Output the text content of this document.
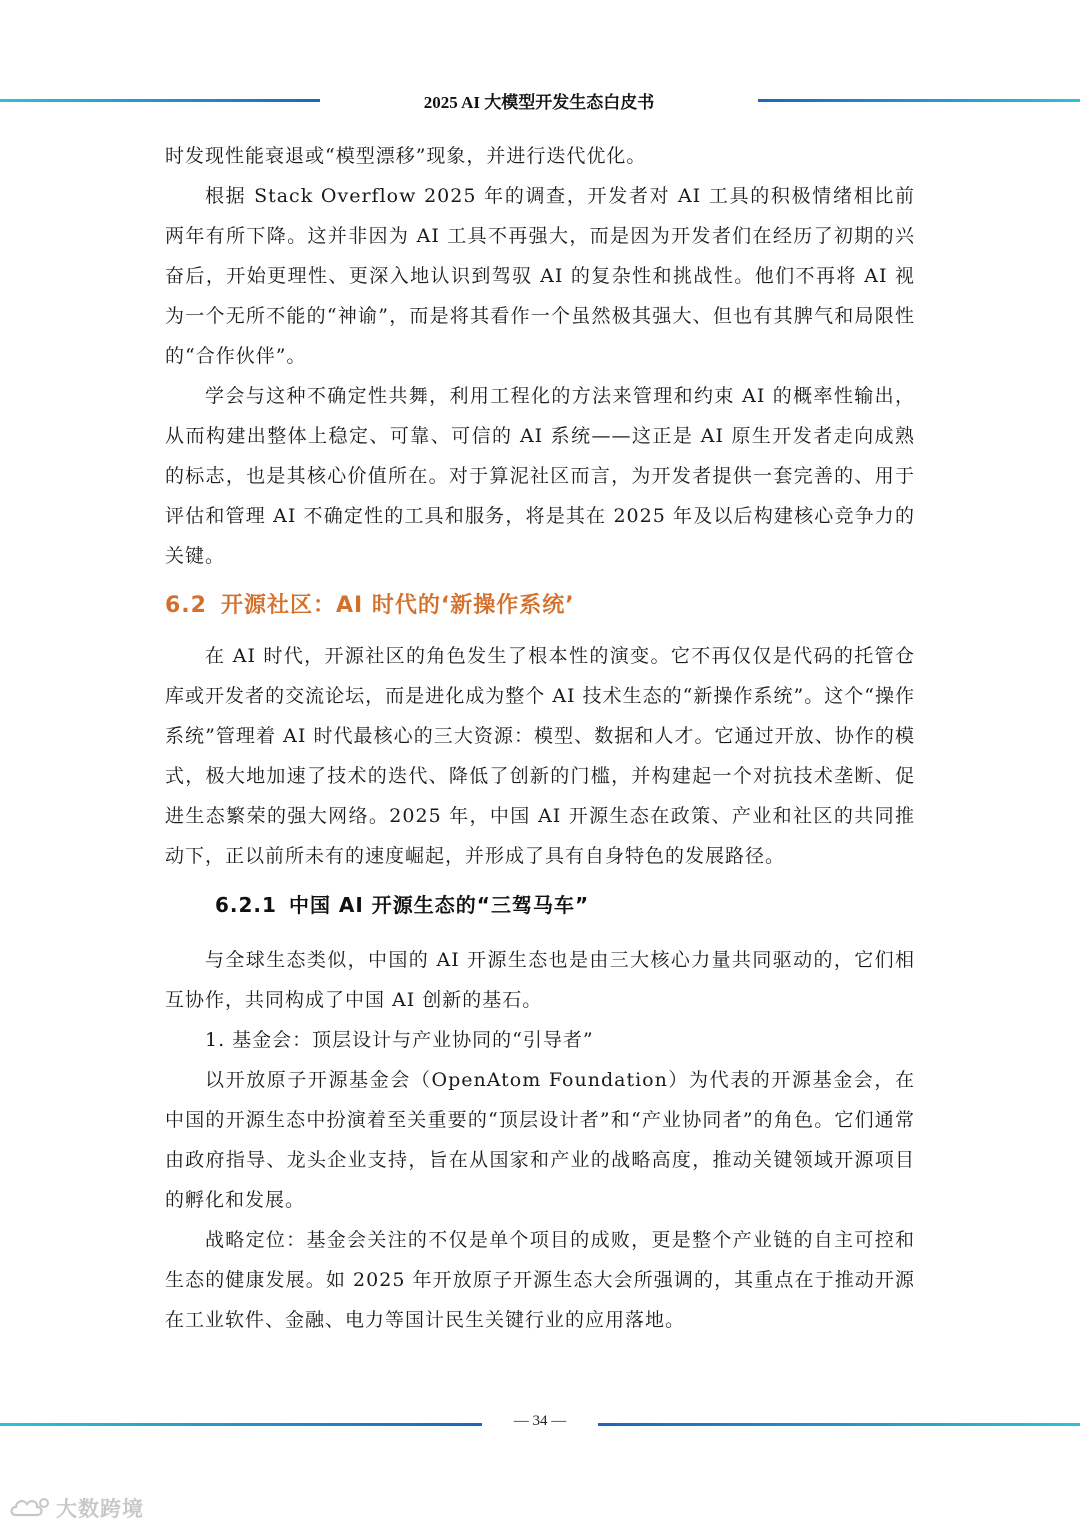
2025 AI 大模型开发生态白皮书

时发现性能衰退或“模型漂移”现象，并进行迭代优化。

根据 Stack Overflow 2025 年的调查，开发者对 AI 工具的积极情绪相比前两年有所下降。这并非因为 AI 工具不再强大，而是因为开发者们在经历了初期的兴奋后，开始更理性、更深入地认识到驾驭 AI 的复杂性和挑战性。他们不再将 AI 视为一个无所不能的“神谕”，而是将其看作一个虽然极其强大、但也有其脾气和局限性的“合作伙伴”。

学会与这种不确定性共舞，利用工程化的方法来管理和约束 AI 的概率性输出，从而构建出整体上稳定、可靠、可信的 AI 系统——这正是 AI 原生开发者走向成熟的标志，也是其核心价值所在。对于算泥社区而言，为开发者提供一套完善的、用于评估和管理 AI 不确定性的工具和服务，将是其在 2025 年及以后构建核心竞争力的关键。

6.2 开源社区：AI 时代的‘新操作系统’

在 AI 时代，开源社区的角色发生了根本性的演变。它不再仅仅是代码的托管仓库或开发者的交流论坛，而是进化成为整个 AI 技术生态的“新操作系统”。这个“操作系统”管理着 AI 时代最核心的三大资源：模型、数据和人才。它通过开放、协作的模式，极大地加速了技术的迭代、降低了创新的门槛，并构建起一个对抗技术垄断、促进生态繁荣的强大网络。2025 年，中国 AI 开源生态在政策、产业和社区的共同推动下，正以前所未有的速度崛起，并形成了具有自身特色的发展路径。

6.2.1 中国 AI 开源生态的“三驾马车”

与全球生态类似，中国的 AI 开源生态也是由三大核心力量共同驱动的，它们相互协作，共同构成了中国 AI 创新的基石。

1. 基金会：顶层设计与产业协同的“引导者”

以开放原子开源基金会（OpenAtom Foundation）为代表的开源基金会，在中国的开源生态中扮演着至关重要的“顶层设计者”和“产业协同者”的角色。它们通常由政府指导、龙头企业支持，旨在从国家和产业的战略高度，推动关键领域开源项目的孵化和发展。

战略定位：基金会关注的不仅是单个项目的成败，更是整个产业链的自主可控和生态的健康发展。如 2025 年开放原子开源生态大会所强调的，其重点在于推动开源在工业软件、金融、电力等国计民生关键行业的应用落地。

— 34 —
大数跨境
